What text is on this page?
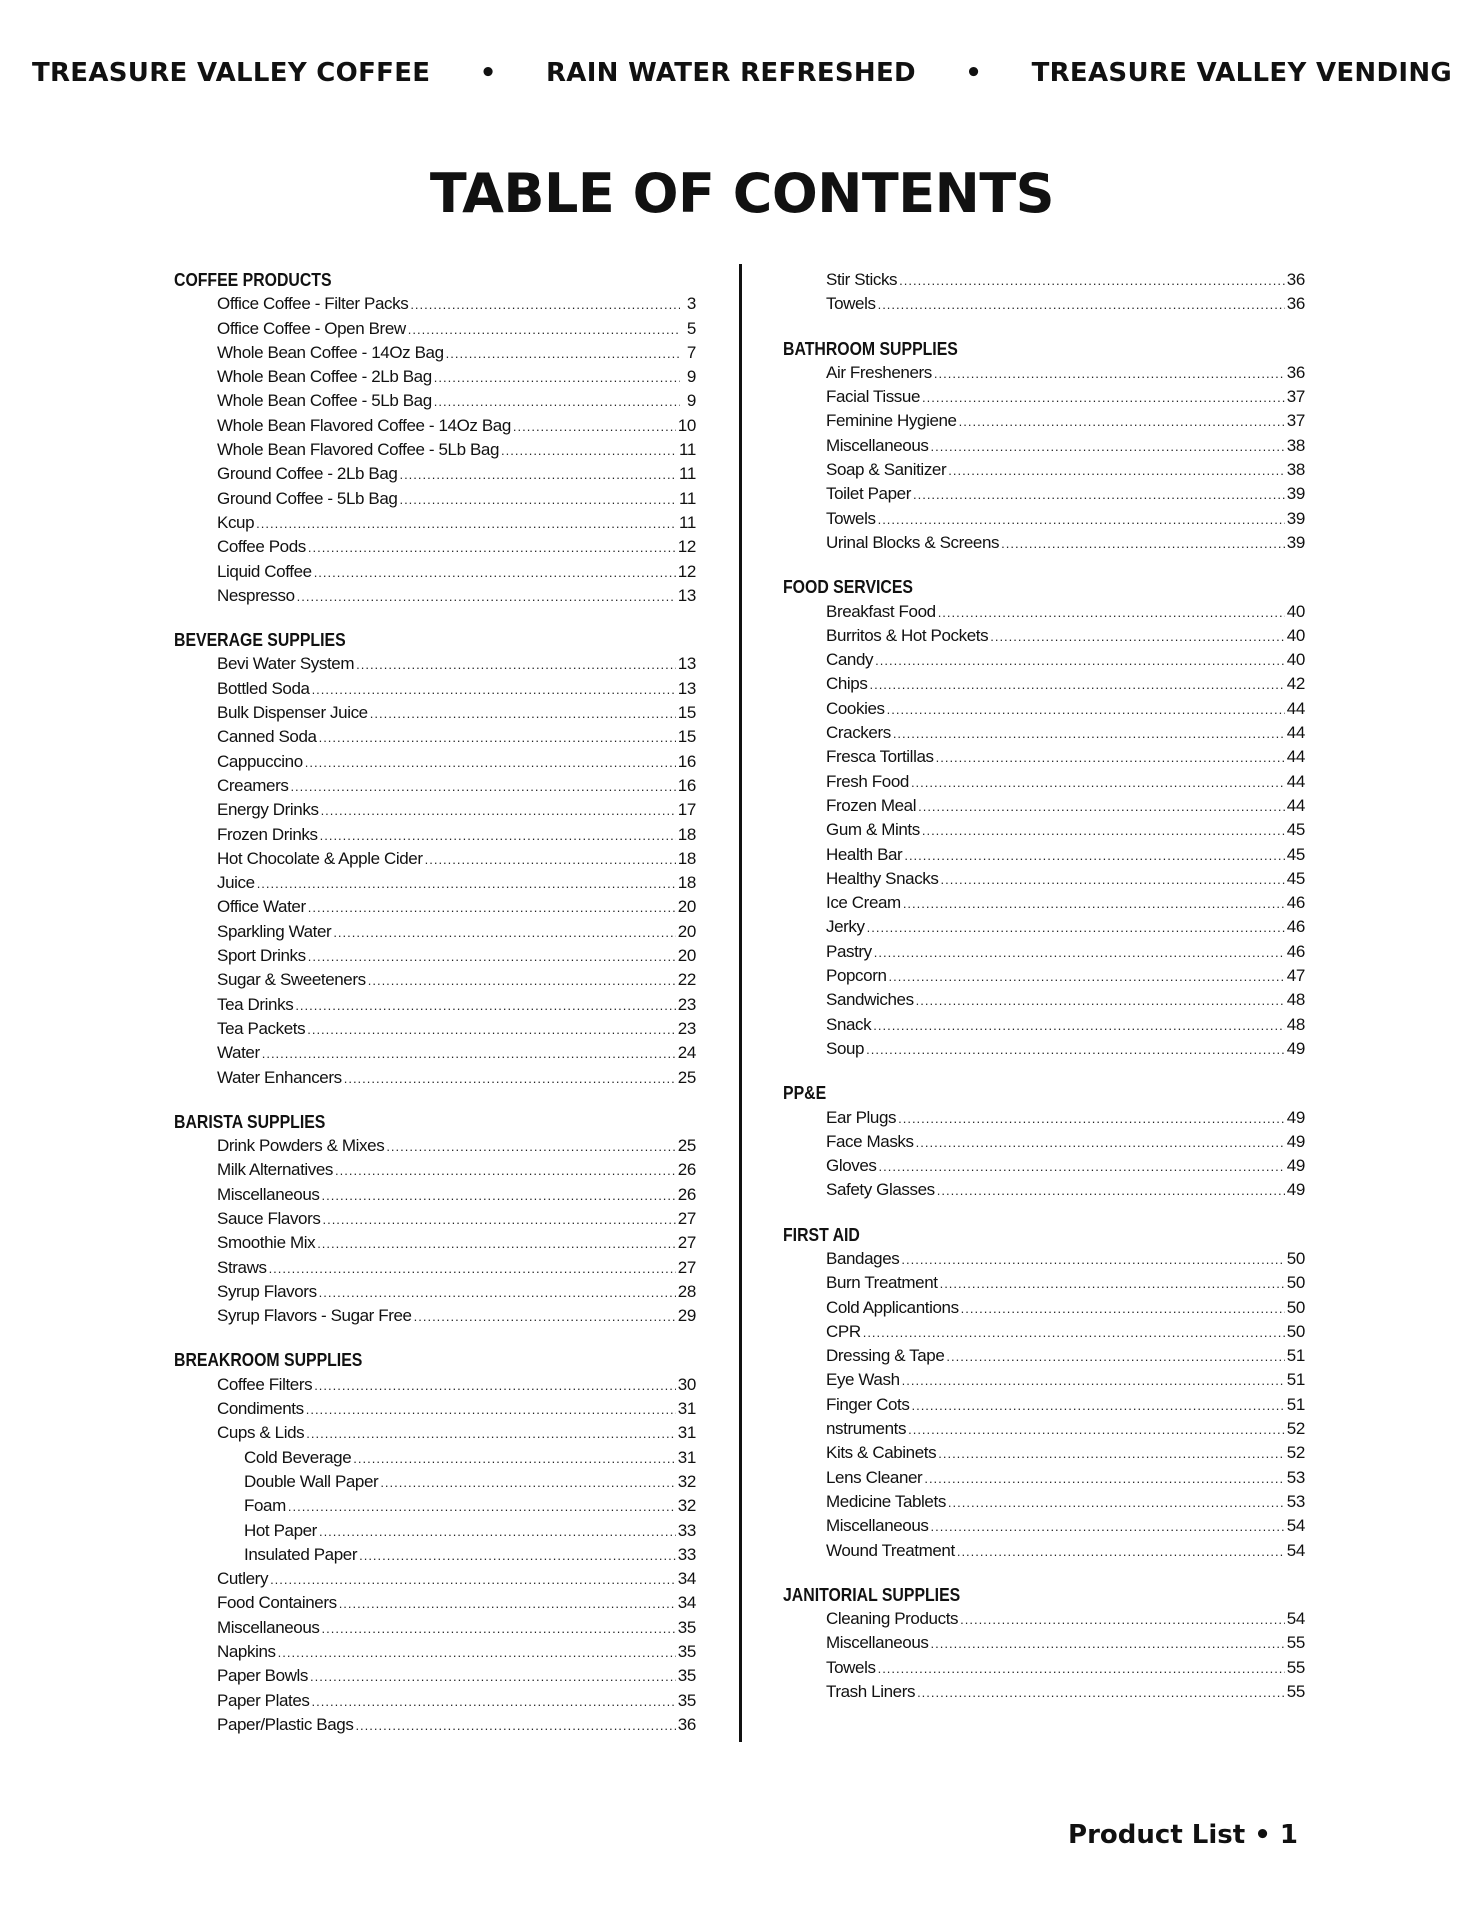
TREASURE VALLEY COFFEE • RAIN WATER REFRESHED • TREASURE VALLEY VENDING
TABLE OF CONTENTS
COFFEE PRODUCTS
Office Coffee - Filter Packs .....	3
Office Coffee - Open Brew .....	5
Whole Bean Coffee - 14Oz Bag .....	7
Whole Bean Coffee - 2Lb Bag .....	9
Whole Bean Coffee - 5Lb Bag .....	9
Whole Bean Flavored Coffee - 14Oz Bag .....	10
Whole Bean Flavored Coffee - 5Lb Bag .....	11
Ground Coffee - 2Lb Bag .....	11
Ground Coffee - 5Lb Bag .....	11
Kcup .....	11
Coffee Pods .....	12
Liquid Coffee .....	12
Nespresso .....	13
BEVERAGE SUPPLIES
Bevi Water System .....	13
Bottled Soda .....	13
Bulk Dispenser Juice .....	15
Canned Soda .....	15
Cappuccino .....	16
Creamers .....	16
Energy Drinks .....	17
Frozen Drinks .....	18
Hot Chocolate & Apple Cider .....	18
Juice .....	18
Office Water .....	20
Sparkling Water .....	20
Sport Drinks .....	20
Sugar & Sweeteners .....	22
Tea Drinks .....	23
Tea Packets .....	23
Water .....	24
Water Enhancers .....	25
BARISTA SUPPLIES
Drink Powders & Mixes .....	25
Milk Alternatives .....	26
Miscellaneous .....	26
Sauce Flavors .....	27
Smoothie Mix .....	27
Straws .....	27
Syrup Flavors .....	28
Syrup Flavors - Sugar Free .....	29
BREAKROOM SUPPLIES
Coffee Filters .....	30
Condiments .....	31
Cups & Lids .....	31
Cold Beverage .....	31
Double Wall Paper .....	32
Foam .....	32
Hot Paper .....	33
Insulated Paper .....	33
Cutlery .....	34
Food Containers .....	34
Miscellaneous .....	35
Napkins .....	35
Paper Bowls .....	35
Paper Plates .....	35
Paper/Plastic Bags .....	36
Stir Sticks .....	36
Towels .....	36
BATHROOM SUPPLIES
Air Fresheners .....	36
Facial Tissue .....	37
Feminine Hygiene .....	37
Miscellaneous .....	38
Soap & Sanitizer .....	38
Toilet Paper .....	39
Towels .....	39
Urinal Blocks & Screens .....	39
FOOD SERVICES
Breakfast Food .....	40
Burritos & Hot Pockets .....	40
Candy .....	40
Chips .....	42
Cookies .....	44
Crackers .....	44
Fresca Tortillas .....	44
Fresh Food .....	44
Frozen Meal .....	44
Gum & Mints .....	45
Health Bar .....	45
Healthy Snacks .....	45
Ice Cream .....	46
Jerky .....	46
Pastry .....	46
Popcorn .....	47
Sandwiches .....	48
Snack .....	48
Soup .....	49
PP&E
Ear Plugs .....	49
Face Masks .....	49
Gloves .....	49
Safety Glasses .....	49
FIRST AID
Bandages .....	50
Burn Treatment .....	50
Cold Applicantions .....	50
CPR .....	50
Dressing & Tape .....	51
Eye Wash .....	51
Finger Cots .....	51
nstruments .....	52
Kits & Cabinets .....	52
Lens Cleaner .....	53
Medicine Tablets .....	53
Miscellaneous .....	54
Wound Treatment .....	54
JANITORIAL SUPPLIES
Cleaning Products .....	54
Miscellaneous .....	55
Towels .....	55
Trash Liners .....	55
Product List • 1
